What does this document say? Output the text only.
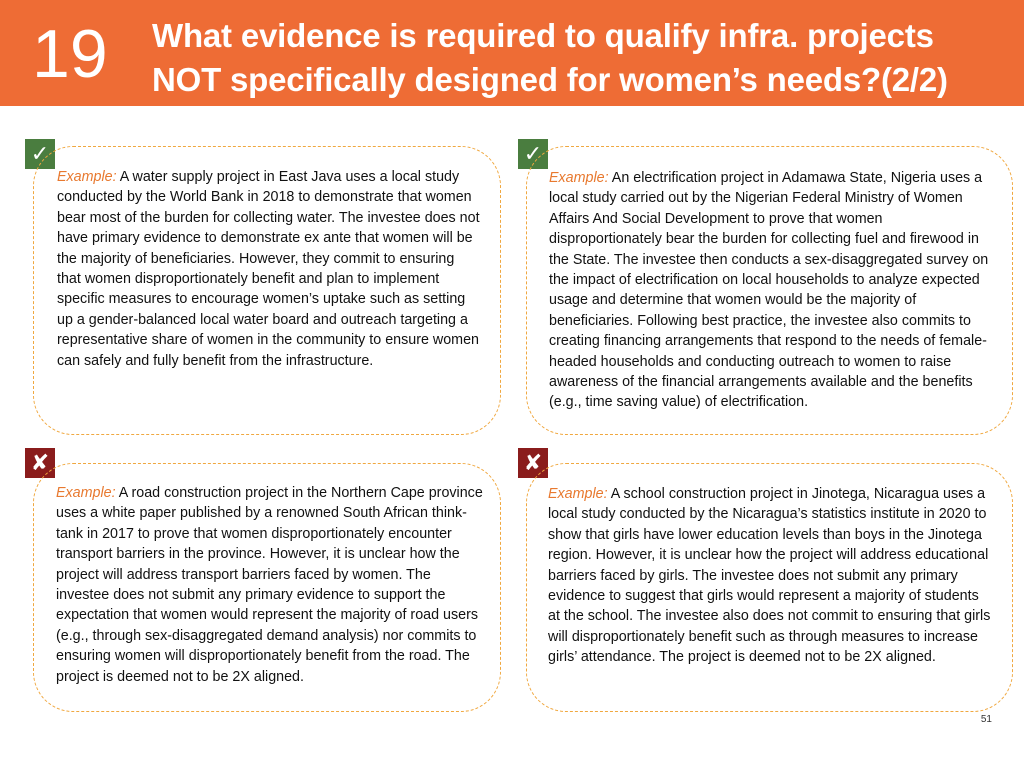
19	What evidence is required to qualify infra. projects
NOT specifically designed for women’s needs?(2/2)
✓

Example: A water supply project in East Java uses a local study conducted by the World Bank in 2018 to demonstrate that women bear most of the burden for collecting water. The investee does not have primary evidence to demonstrate ex ante that women will be the majority of beneficiaries. However, they commit to ensuring that women disproportionately benefit and plan to implement specific measures to encourage women’s uptake such as setting up a gender-balanced local water board and outreach targeting a representative share of women in the community to ensure women can safely and fully benefit from the infrastructure.

✓

Example: An electrification project in Adamawa State, Nigeria uses a local study carried out by the Nigerian Federal Ministry of Women Affairs And Social Development to prove that women disproportionately bear the burden for collecting fuel and firewood in the State. The investee then conducts a sex-disaggregated survey on the impact of electrification on local households to analyze expected usage and determine that women would be the majority of beneficiaries. Following best practice, the investee also commits to creating financing arrangements that respond to the needs of female-headed households and conducting outreach to women to raise awareness of the financial arrangements available and the benefits (e.g., time saving value) of electrification.

✘

Example: A road construction project in the Northern Cape province uses a white paper published by a renowned South African think-tank in 2017 to prove that women disproportionately encounter transport barriers in the province. However, it is unclear how the project will address transport barriers faced by women. The investee does not submit any primary evidence to support the expectation that women would represent the majority of road users (e.g., through sex-disaggregated demand analysis) nor commits to ensuring women will disproportionately benefit from the road. The project is deemed not to be 2X aligned.

✘

Example: A school construction project in Jinotega, Nicaragua uses a local study conducted by the Nicaragua’s statistics institute in 2020 to show that girls have lower education levels than boys in the Jinotega region. However, it is unclear how the project will address educational barriers faced by girls. The investee does not submit any primary evidence to suggest that girls would represent a majority of students at the school. The investee also does not commit to ensuring that girls will disproportionately benefit such as through measures to increase girls’ attendance. The project is deemed not to be 2X aligned.

51
